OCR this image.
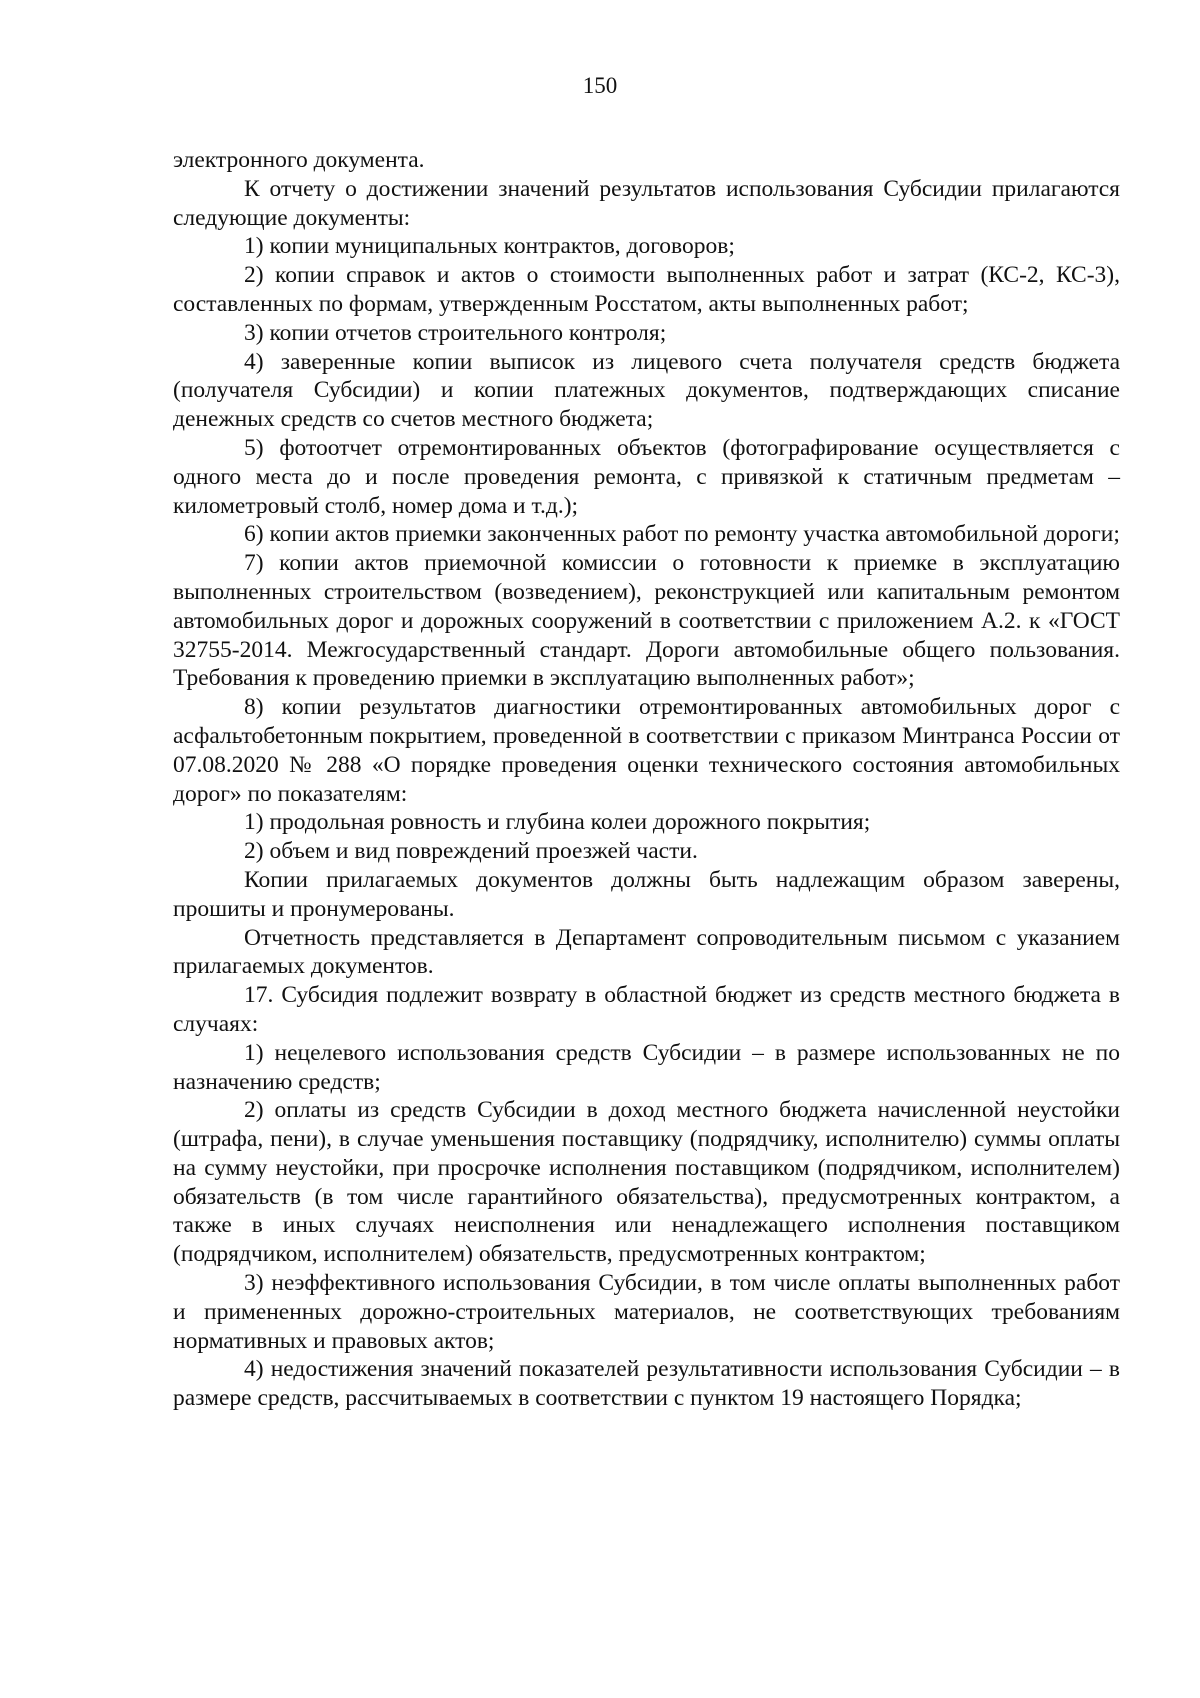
150

электронного документа.

К отчету о достижении значений результатов использования Субсидии прилагаются следующие документы:

1) копии муниципальных контрактов, договоров;

2) копии справок и актов о стоимости выполненных работ и затрат (КС-2, КС-3), составленных по формам, утвержденным Росстатом, акты выполненных работ;

3) копии отчетов строительного контроля;

4) заверенные копии выписок из лицевого счета получателя средств бюджета (получателя Субсидии) и копии платежных документов, подтверждающих списание денежных средств со счетов местного бюджета;

5) фотоотчет отремонтированных объектов (фотографирование осуществляется с одного места до и после проведения ремонта, с привязкой к статичным предметам – километровый столб, номер дома и т.д.);

6) копии актов приемки законченных работ по ремонту участка автомобильной дороги;

7) копии актов приемочной комиссии о готовности к приемке в эксплуатацию выполненных строительством (возведением), реконструкцией или капитальным ремонтом автомобильных дорог и дорожных сооружений в соответствии с приложением А.2. к «ГОСТ 32755-2014. Межгосударственный стандарт. Дороги автомобильные общего пользования. Требования к проведению приемки в эксплуатацию выполненных работ»;

8) копии результатов диагностики отремонтированных автомобильных дорог с асфальтобетонным покрытием, проведенной в соответствии с приказом Минтранса России от 07.08.2020 № 288 «О порядке проведения оценки технического состояния автомобильных дорог» по показателям:

1) продольная ровность и глубина колеи дорожного покрытия;

2) объем и вид повреждений проезжей части.

Копии прилагаемых документов должны быть надлежащим образом заверены, прошиты и пронумерованы.

Отчетность представляется в Департамент сопроводительным письмом с указанием прилагаемых документов.

17. Субсидия подлежит возврату в областной бюджет из средств местного бюджета в случаях:

1) нецелевого использования средств Субсидии – в размере использованных не по назначению средств;

2) оплаты из средств Субсидии в доход местного бюджета начисленной неустойки (штрафа, пени), в случае уменьшения поставщику (подрядчику, исполнителю) суммы оплаты на сумму неустойки, при просрочке исполнения поставщиком (подрядчиком, исполнителем) обязательств (в том числе гарантийного обязательства), предусмотренных контрактом, а также в иных случаях неисполнения или ненадлежащего исполнения поставщиком (подрядчиком, исполнителем) обязательств, предусмотренных контрактом;

3) неэффективного использования Субсидии, в том числе оплаты выполненных работ и примененных дорожно-строительных материалов, не соответствующих требованиям нормативных и правовых актов;

4) недостижения значений показателей результативности использования Субсидии – в размере средств, рассчитываемых в соответствии с пунктом 19 настоящего Порядка;
